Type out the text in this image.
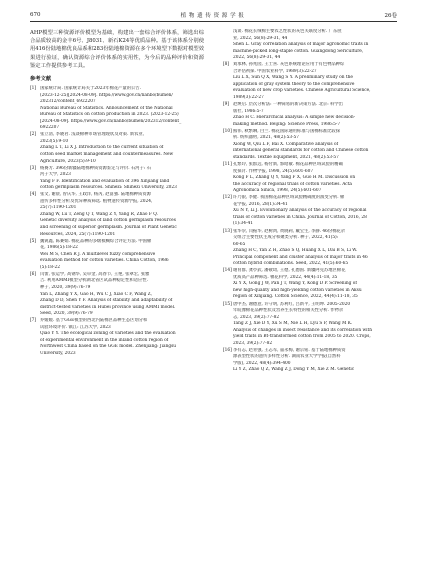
670	植 物 遗 传 资 源 学 报	26卷

AHP模型三种资源评价模型为基础，构建出一套综合评价体系，筛选出综合品质较高的金丰6号、J8031、新石K24等优质品种。基于该体系分别使用416份陆地棉优良品系和283份陆地棉资源在多个环境型下数据对模型效果进行验证，确认资源综合评价体系的实用性，为今后的品种评价和资源鉴定工作提供参考工具。

参考文献
[1] 国家统计局. 国家统计局关于2023年棉花产量的公告.
(2023-12-25)[2024-08-09]. https://www.gov.cn/lianbo/bumen/
202312/content_6922207
National Bureau of Statistics. Announcement of the National
Bureau of Statistics on cotton production in 2023. (2023-12-25)
[2024-08-09]. https://www.gov.cn/lianbo/bumen/202312/content_
6922207
[2] 张立清, 李晓君. 浅谈棉种市场管理现状及对策. 新农业,
2023(5):9-10
Zhang L T, Li X J. Introduction to the current situation of
cotton seed market management and countermeasures. New
Agriculture, 2023(5):9-10
[3] 杨赛芳. 396份新疆陆地棉种质资源鉴定与评价. 石河子: 石
河子大学, 2023
Yang F F. Identification and evaluation of 396 Xinjiang land
cotton germplasm resources. Shihezi: Shihezi University, 2023
[4] 张文, 谢晨, 曾庆华, 王政洋, 杨芮, 赵富强. 陆地棉种质资源
遗传多样性分析及优异种质筛选. 植物遗传资源学报, 2024,
25(7):1190-1201
Zhang W, Lu T, Zeng Q T, Wang Z Y, Yang R, Zhao F Q.
Genetic diversity analysis of land cotton germplasm resources
and screening of superior germplasm. Journal of Plant Genetic
Resources, 2024, 25(7):1190-1201
[5] 魏锐鑫, 陈赛娟. 棉花品种的多级模糊综合评定方法. 中国棉
花, 1986(5):18-22
Wei M S, Chen R J. A multilevel fuzzy comprehensive
evaluation method for cotton varieties. China Cotton, 1986
(5):18-22
[6] 闫蕾, 张运学, 高钢华, 吴卓金, 高春节, 王艳, 张翠宏, 张雅
吉. 利用AMMI模型分析湖北省区试品种稳定性和适应性.
种子, 2020, 39(9):76-79
Yan L, Zhang Y X, Gao H, Wu C J, Xiao C F, Wang Z,
Zhang D D, Shen Y F. Analysis of stability and adaptability of
district-tested varieties in Hubei province using AMMI model.
Seed, 2020, 39(9):76-79
[7] 乔媛媛. 基于GGE模型的西北内陆棉区品种生态区划分和
试验环境评价. 镇江: 江苏大学, 2023
Qiao Y Y. The ecological zoning of varieties and the evaluation
of experimental environment in the inland cotton region of
Northwest China based on the GGE model. Zhenjiang: Jiangsu
University, 2023
浅谈. 棉花长绒棉主要农艺性状的灰色关联度分析. 广东蔗
业, 2022, 56(8):29-31, 44
Shen L. Gray correlation analysis of major agronomic traits in
machine-picked long-staple cotton. Guangdong Sericulture,
2022, 56(8):29-31, 44
[8] 刘承林, 孙兆园, 王士喜. 灰色系统理论应用于有色物品种综
合评估初探. 中国农业科学, 1989(3):22-27
Liu L X, Sun Q X, Wang S Y. A preliminary study on the
application of gray system theory to the comprehensive
evaluation of new crop varieties. Chinese Agricultural Science,
1989(3):22-27
[9] 赵焕启. 层次分析法: 一种简易的新决策方法. 北京: 科学出
版社, 1986:5-7
Zhao H C. Hierarchical analysis: A simple new decision-
making method. Beijing: Science Press, 1986:5-7
[10] 熊伟, 秋繁琳, 白兰. 棉花国际通用标准与国棉标准比较探
析. 纺织器材, 2021, 48(2):53-57
Xiong W, Qiu L F, Bai X. Comparative analysis of
international general standards for cotton and Chinese cotton
standards. Textile Equipment, 2021, 48(2):53-57
[11] 孔繁玲, 张群远, 杨付新, 郭昭敏. 棉花品种区域试验的精确
度探讨. 作物学报, 1998, 24(5):601-607
Kong F L, Zhang Q Y, Yang F X, Guo H M. Discussion on
the accuracy of regional trials of cotton varieties. Acta
Agronomica Sinica, 1998, 24(5):601-607
[12] 许乃银, 李健. 我国棉花品种区域试验精确度的演变分析. 棉
花学报, 2016, 28(1):34-41
Xu N Y, Li J. Evolutionary analysis of the accuracy of regional
trials of cotton varieties in China. Journal of Cotton, 2016, 28
(1):34-41
[13] 张华崇, 闫振华, 赵树禹, 黄晓莉, 戴宝生, 李静. 46份棉花杂
交组合主要性状主成分和聚类分析. 种子, 2022, 41(5):
60-65
Zhang H C, Yan Z H, Zhao S Q, Huang X L, Dai B S, Li W.
Principal component and cluster analysis of major traits in 46
cotton hybrid combinations. Seed, 2022, 41(5):60-65
[14] 谢育群, 龚亭武, 潘敬琦, 王德, 孔德国. 新疆阿克苏地区棉花
优质高产品种筛选. 棉花科学, 2022, 44(4):11-18, 35
Xi Y X, Gong J W, Pan J T, Wang Y, Kong D P. Screening of
new high-quality and high-yielding cotton varieties in Aksu
region of Xinjiang. Cotton Science, 2022, 44(4):11-18, 35
[15] 唐中杰, 谢德意, 许守明, 苏利红, 吕新平, 王明坤. 2005-2020
年皖豫棉花品种性状及营养生长特性的相关性分析. 作物杂
志, 2023, 39(2):77-82
Tang Z J, Xie D Y, Xu S M, Nie L H, Lyu S P, Wang M K.
Analysis of changes in insect resistance and its correlation with
yield traits in Bt-transformed cotton from 2005 to 2020. Crops,
2023, 39(2):77-82
[16] 李有志, 赵青强, 王志军, 董永梅, 谢宗铭. 基于陆地棉种质资
源表型性状的遗传多样性分析. 湖南农业大学学报(自然科
学版), 2022, 48(4):394-400
Li Y Z, Zhao Q Z, Wang Z J, Dong Y M, Xie Z M. Genetic
